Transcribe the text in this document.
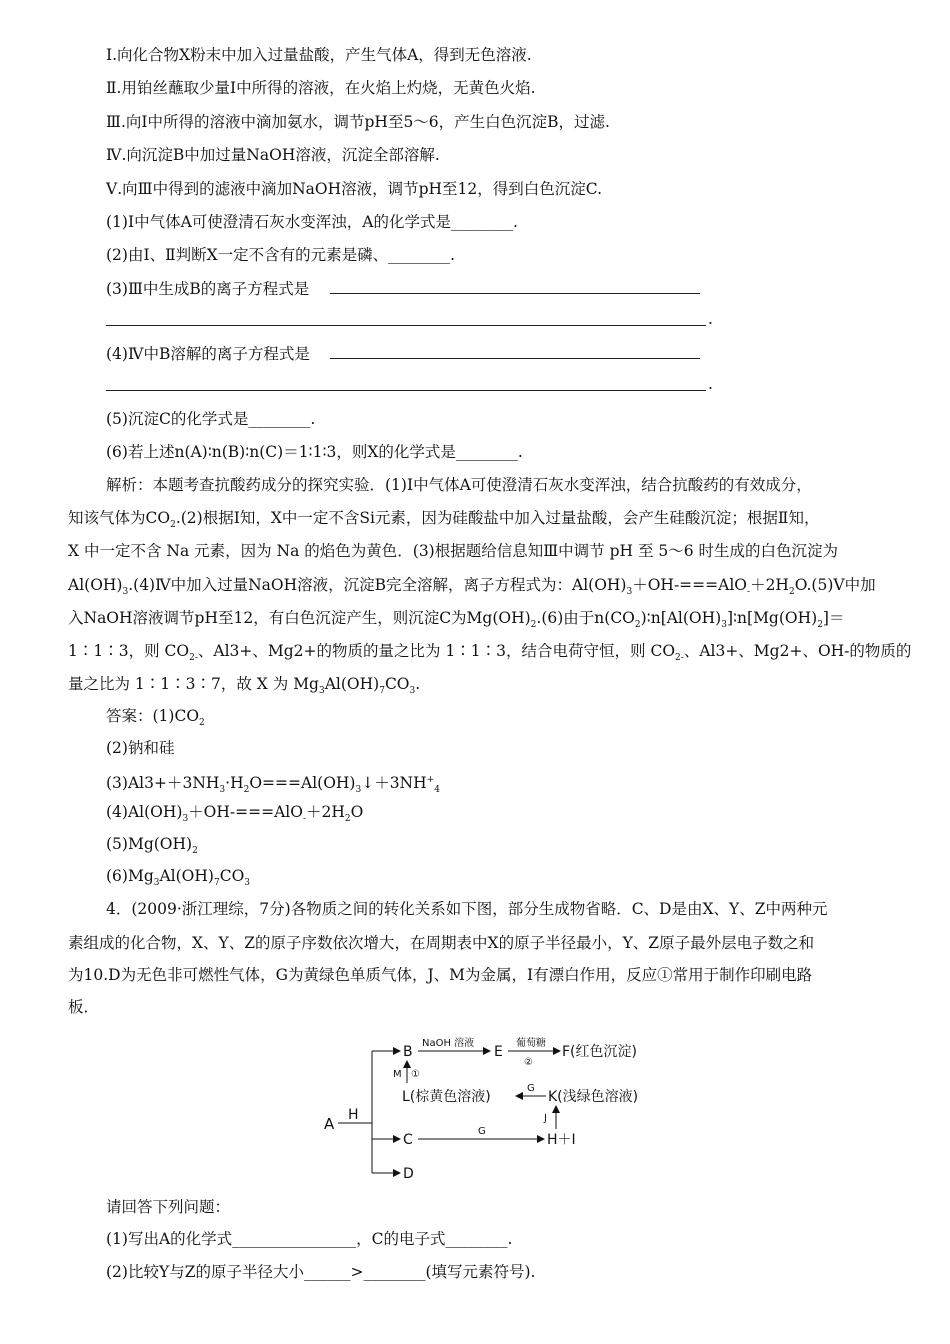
Ⅰ.向化合物X粉末中加入过量盐酸，产生气体A，得到无色溶液.
Ⅱ.用铂丝蘸取少量Ⅰ中所得的溶液，在火焰上灼烧，无黄色火焰.
Ⅲ.向Ⅰ中所得的溶液中滴加氨水，调节pH至5～6，产生白色沉淀B，过滤.
Ⅳ.向沉淀B中加过量NaOH溶液，沉淀全部溶解.
Ⅴ.向Ⅲ中得到的滤液中滴加NaOH溶液，调节pH至12，得到白色沉淀C.
(1)Ⅰ中气体A可使澄清石灰水变浑浊，A的化学式是________.
(2)由Ⅰ、Ⅱ判断X一定不含有的元素是磷、________.
(3)Ⅲ中生成B的离子方程式是
.
(4)Ⅳ中B溶解的离子方程式是
.
(5)沉淀C的化学式是________.
(6)若上述n(A)∶n(B)∶n(C)＝1∶1∶3，则X的化学式是________.
解析：本题考查抗酸药成分的探究实验．(1)Ⅰ中气体A可使澄清石灰水变浑浊，结合抗酸药的有效成分，
知该气体为$CO_2.(2)$根据Ⅰ知，X中一定不含Si元素，因为硅酸盐中加入过量盐酸，会产生硅酸沉淀；根据Ⅱ知，
X 中一定不含 Na 元素，因为 Na 的焰色为黄色．(3)根据题给信息知Ⅲ中调节 pH 至 5～6 时生成的白色沉淀为
$Al(OH)_3.(4)Ⅳ$中加入过量NaOH溶液，沉淀B完全溶解，离子方程式为：$Al(OH)_3+OH-===AlO_-+2H_2O.(5)Ⅴ$中加
入NaOH溶液调节pH至12，有白色沉淀产生，则沉淀C为$Mg(OH)_2.(6)$由于$n(CO_2)∶n[Al(OH)_3]∶n[Mg(OH)_2]=$
1∶1∶3，则 $CO_{2-}$、Al3+、Mg2+的物质的量之比为 1∶1∶3，结合电荷守恒，则 $CO_{2-}$、Al3+、Mg2+、OH-的物质的
量之比为 1∶1∶3∶7，故 X 为 $Mg_3Al(OH)_7CO_3$.
答案：$(1)CO_2$
(2)钠和硅
$(3)Al3++3NH_3\cdot H_2O===Al(OH)_3↓+3NH^+_4$
$(4)Al(OH)_3+OH-===AlO_-+2H_2O$
$(5)Mg(OH)_2$
$(6)Mg_3Al(OH)_7CO_3$
4．(2009·浙江理综，7分)各物质之间的转化关系如下图，部分生成物省略．C、D是由X、Y、Z中两种元
素组成的化合物，X、Y、Z的原子序数依次增大，在周期表中X的原子半径最小，Y、Z原子最外层电子数之和
为10.D为无色非可燃性气体，G为黄绿色单质气体，J、M为金属，I有漂白作用，反应①常用于制作印刷电路
板．
A H
B
NaOH 溶液
E
葡萄糖
②
F(红色沉淀)
M ①
L(棕黄色溶液)
G
K(浅绿色溶液)
J
C
G
H＋I
D
请回答下列问题：
(1)写出A的化学式________________，C的电子式________.
(2)比较Y与Z的原子半径大小______>________(填写元素符号).
